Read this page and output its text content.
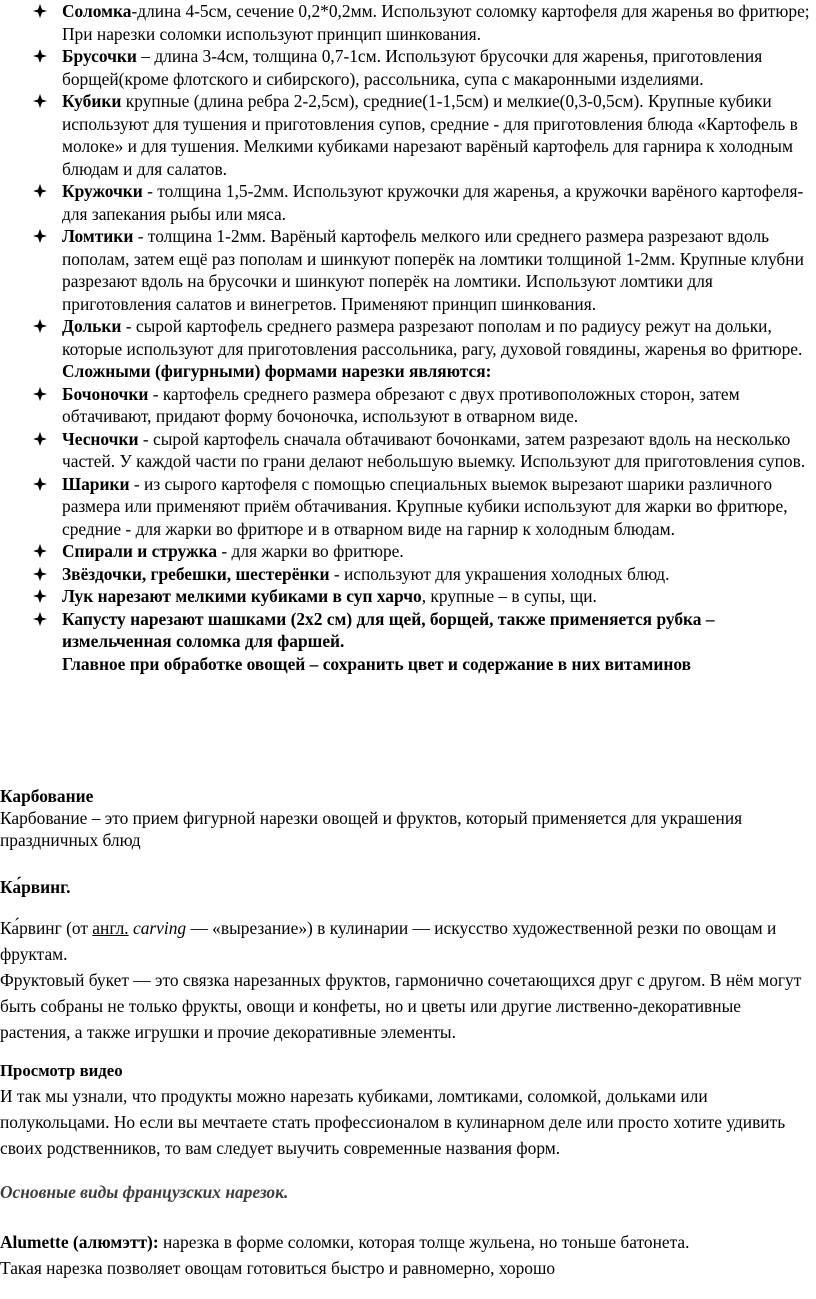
Соломка-длина 4-5см, сечение 0,2*0,2мм. Используют соломку картофеля для жаренья во фритюре; При нарезки соломки используют принцип шинкования.
Брусочки – длина 3-4см, толщина 0,7-1см. Используют брусочки для жаренья, приготовления борщей(кроме флотского и сибирского), рассольника, супа с макаронными изделиями.
Кубики крупные (длина ребра 2-2,5см), средние(1-1,5см) и мелкие(0,3-0,5см). Крупные кубики используют для тушения и приготовления супов, средние - для приготовления блюда «Картофель в молоке» и для тушения. Мелкими кубиками нарезают варёный картофель для гарнира к холодным блюдам и для салатов.
Кружочки - толщина 1,5-2мм. Используют кружочки для жаренья, а кружочки варёного картофеля- для запекания рыбы или мяса.
Ломтики - толщина 1-2мм. Варёный картофель мелкого или среднего размера разрезают вдоль пополам, затем ещё раз пополам и шинкуют поперёк на ломтики толщиной 1-2мм. Крупные клубни разрезают вдоль на брусочки и шинкуют поперёк на ломтики. Используют ломтики для приготовления салатов и винегретов. Применяют принцип шинкования.
Дольки - сырой картофель среднего размера разрезают пополам и по радиусу режут на дольки, которые используют для приготовления рассольника, рагу, духовой говядины, жаренья во фритюре.
Сложными (фигурными) формами нарезки являются:
Бочоночки - картофель среднего размера обрезают с двух противоположных сторон, затем обтачивают, придают форму бочоночка, используют в отварном виде.
Чесночки - сырой картофель сначала обтачивают бочонками, затем разрезают вдоль на несколько частей. У каждой части по грани делают небольшую выемку. Используют для приготовления супов.
Шарики - из сырого картофеля с помощью специальных выемок вырезают шарики различного размера или применяют приём обтачивания. Крупные кубики используют для жарки во фритюре, средние - для жарки во фритюре и в отварном виде на гарнир к холодным блюдам.
Спирали и стружка - для жарки во фритюре.
Звёздочки, гребешки, шестерёнки - используют для украшения холодных блюд.
Лук нарезают мелкими кубиками в суп харчо, крупные – в супы, щи.
Капусту нарезают шашками (2х2 см) для щей, борщей, также применяется рубка – измельченная соломка для фаршей.
Главное при обработке овощей – сохранить цвет и содержание в них витаминов
Карбование

Карбование – это прием фигурной нарезки овощей и фруктов, который применяется для украшения праздничных блюд

Ка́рвинг.

Ка́рвинг (от англ. carving — «вырезание») в кулинарии — искусство художественной резки по овощам и фруктам.

Фруктовый букет — это связка нарезанных фруктов, гармонично сочетающихся друг с другом. В нём могут быть собраны не только фрукты, овощи и конфеты, но и цветы или другие лиственно-декоративные растения, а также игрушки и прочие декоративные элементы.

Просмотр видео
И так мы узнали, что продукты можно нарезать кубиками, ломтиками, соломкой, дольками или полукольцами. Но если вы мечтаете стать профессионалом в кулинарном деле или просто хотите удивить своих родственников, то вам следует выучить современные названия форм.
Основные виды французских нарезок.
Alumette (алюмэтт): нарезка в форме соломки, которая толще жульена, но тоньше батонета. Такая нарезка позволяет овощам готовиться быстро и равномерно, хорошо
